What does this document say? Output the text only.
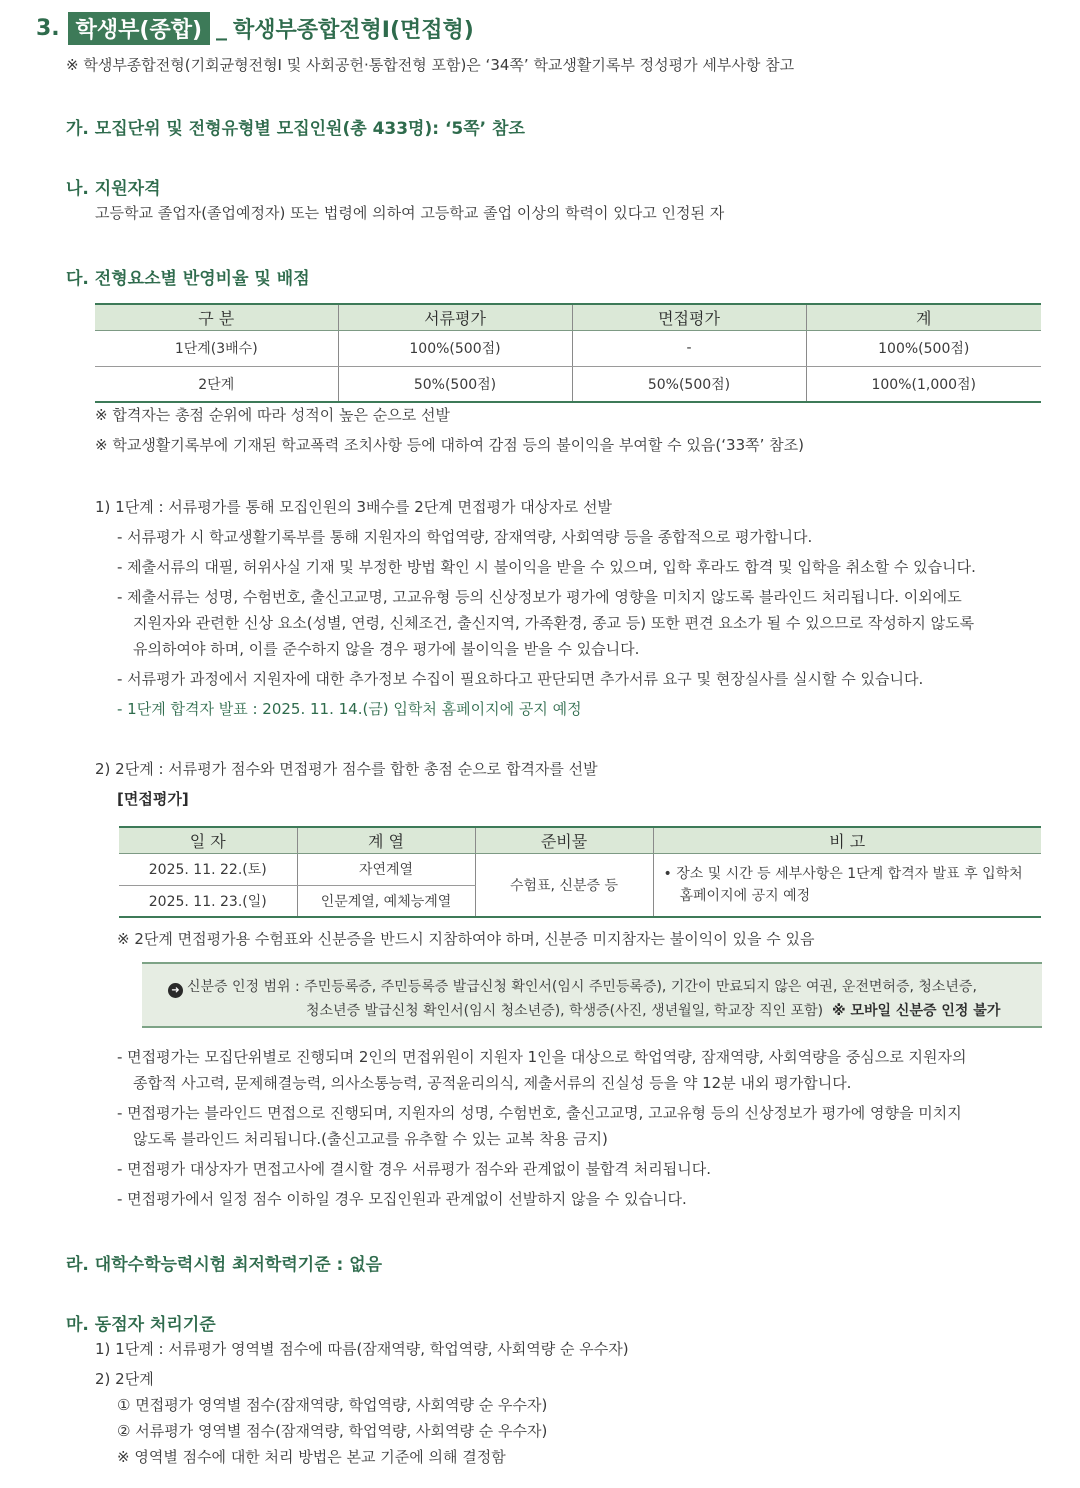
3. 학생부(종합) _ 학생부종합전형Ⅰ(면접형)
※ 학생부종합전형(기회균형전형Ⅰ 및 사회공헌·통합전형 포함)은 ‘34쪽’ 학교생활기록부 정성평가 세부사항 참고
가. 모집단위 및 전형유형별 모집인원(총 433명): ‘5쪽’ 참조
나. 지원자격
고등학교 졸업자(졸업예정자) 또는 법령에 의하여 고등학교 졸업 이상의 학력이 있다고 인정된 자
다. 전형요소별 반영비율 및 배점
구 분	서류평가	면접평가	계
1단계(3배수)	100%(500점)	-	100%(500점)
2단계	50%(500점)	50%(500점)	100%(1,000점)
※ 합격자는 총점 순위에 따라 성적이 높은 순으로 선발
※ 학교생활기록부에 기재된 학교폭력 조치사항 등에 대하여 감점 등의 불이익을 부여할 수 있음(‘33쪽’ 참조)
1) 1단계 : 서류평가를 통해 모집인원의 3배수를 2단계 면접평가 대상자로 선발
- 서류평가 시 학교생활기록부를 통해 지원자의 학업역량, 잠재역량, 사회역량 등을 종합적으로 평가합니다.
- 제출서류의 대필, 허위사실 기재 및 부정한 방법 확인 시 불이익을 받을 수 있으며, 입학 후라도 합격 및 입학을 취소할 수 있습니다.
- 제출서류는 성명, 수험번호, 출신고교명, 고교유형 등의 신상정보가 평가에 영향을 미치지 않도록 블라인드 처리됩니다. 이외에도
지원자와 관련한 신상 요소(성별, 연령, 신체조건, 출신지역, 가족환경, 종교 등) 또한 편견 요소가 될 수 있으므로 작성하지 않도록
유의하여야 하며, 이를 준수하지 않을 경우 평가에 불이익을 받을 수 있습니다.
- 서류평가 과정에서 지원자에 대한 추가정보 수집이 필요하다고 판단되면 추가서류 요구 및 현장실사를 실시할 수 있습니다.
- 1단계 합격자 발표 : 2025. 11. 14.(금) 입학처 홈페이지에 공지 예정
2) 2단계 : 서류평가 점수와 면접평가 점수를 합한 총점 순으로 합격자를 선발
[면접평가]
일 자	계 열	준비물	비 고
2025. 11. 22.(토)	자연계열	수험표, 신분증 등	• 장소 및 시간 등 세부사항은 1단계 합격자 발표 후 입학처
홈페이지에 공지 예정

2025. 11. 23.(일)	인문계열, 예체능계열		
※ 2단계 면접평가용 수험표와 신분증을 반드시 지참하여야 하며, 신분증 미지참자는 불이익이 있을 수 있음
➜ 신분증 인정 범위 : 주민등록증, 주민등록증 발급신청 확인서(임시 주민등록증), 기간이 만료되지 않은 여권, 운전면허증, 청소년증,
청소년증 발급신청 확인서(임시 청소년증), 학생증(사진, 생년월일, 학교장 직인 포함) ※ 모바일 신분증 인정 불가
- 면접평가는 모집단위별로 진행되며 2인의 면접위원이 지원자 1인을 대상으로 학업역량, 잠재역량, 사회역량을 중심으로 지원자의
종합적 사고력, 문제해결능력, 의사소통능력, 공적윤리의식, 제출서류의 진실성 등을 약 12분 내외 평가합니다.
- 면접평가는 블라인드 면접으로 진행되며, 지원자의 성명, 수험번호, 출신고교명, 고교유형 등의 신상정보가 평가에 영향을 미치지
않도록 블라인드 처리됩니다.(출신고교를 유추할 수 있는 교복 착용 금지)
- 면접평가 대상자가 면접고사에 결시할 경우 서류평가 점수와 관계없이 불합격 처리됩니다.
- 면접평가에서 일정 점수 이하일 경우 모집인원과 관계없이 선발하지 않을 수 있습니다.
라. 대학수학능력시험 최저학력기준 : 없음
마. 동점자 처리기준
1) 1단계 : 서류평가 영역별 점수에 따름(잠재역량, 학업역량, 사회역량 순 우수자)
2) 2단계
① 면접평가 영역별 점수(잠재역량, 학업역량, 사회역량 순 우수자)
② 서류평가 영역별 점수(잠재역량, 학업역량, 사회역량 순 우수자)
※ 영역별 점수에 대한 처리 방법은 본교 기준에 의해 결정함
